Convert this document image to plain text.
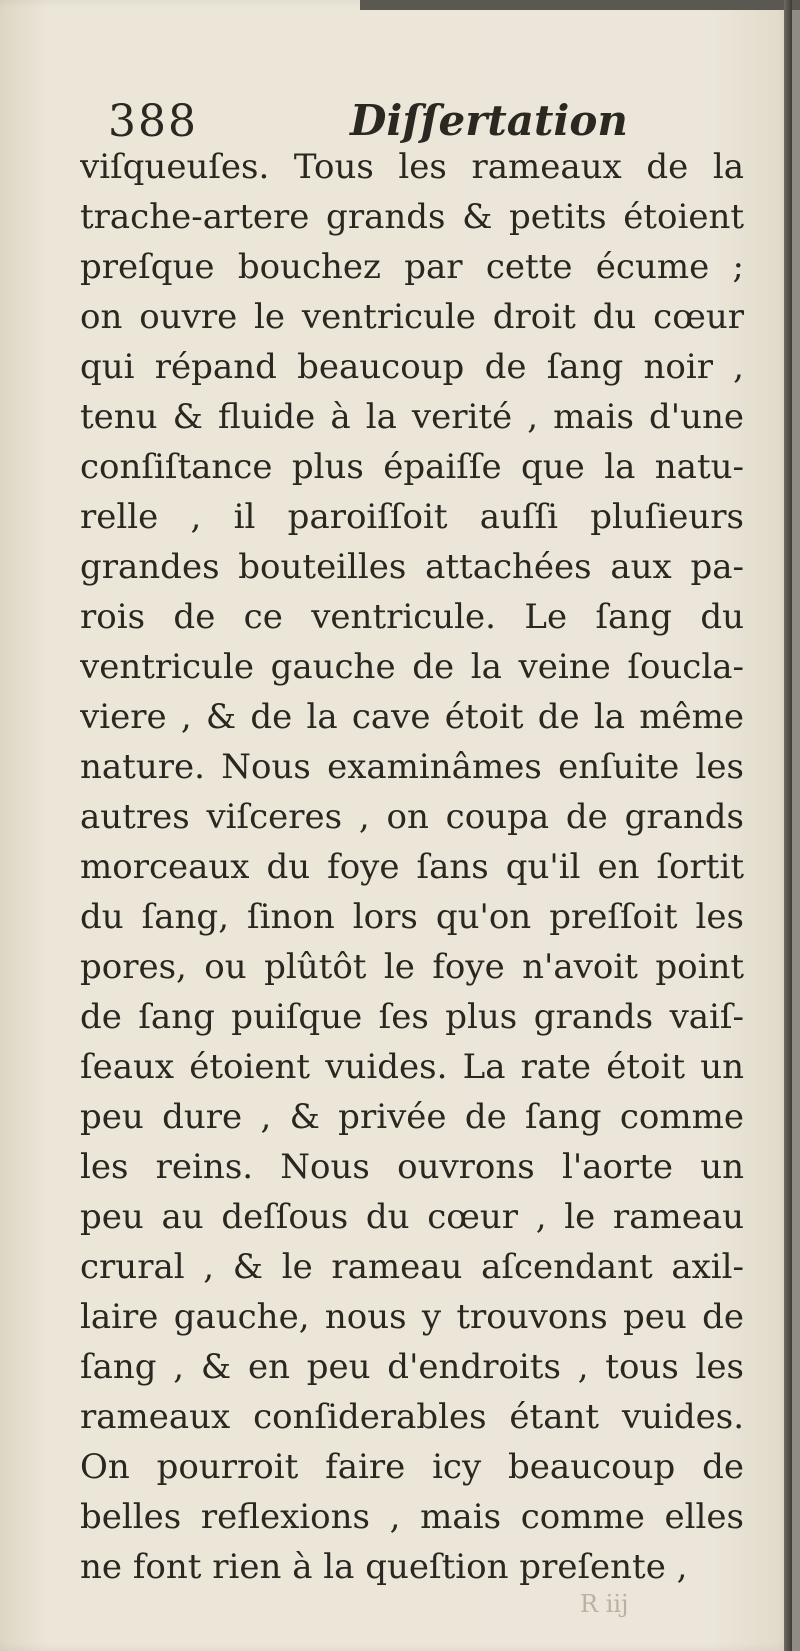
388	Diſſertation
viſqueuſes. Tous les rameaux de la
trache-artere grands & petits étoient
preſque bouchez par cette écume ;
on ouvre le ventricule droit du cœur
qui répand beaucoup de ſang noir ,
tenu & fluide à la verité , mais d'une
conſiſtance plus épaiſſe que la natu-
relle , il paroiſſoit auſſi pluſieurs
grandes bouteilles attachées aux pa-
rois de ce ventricule. Le ſang du
ventricule gauche de la veine ſoucla-
viere , & de la cave étoit de la même
nature. Nous examinâmes enſuite les
autres viſceres , on coupa de grands
morceaux du foye ſans qu'il en ſortit
du ſang, ſinon lors qu'on preſſoit les
pores, ou plûtôt le foye n'avoit point
de ſang puiſque ſes plus grands vaiſ-
ſeaux étoient vuides. La rate étoit un
peu dure , & privée de ſang comme
les reins. Nous ouvrons l'aorte un
peu au deſſous du cœur , le rameau
crural , & le rameau aſcendant axil-
laire gauche, nous y trouvons peu de
ſang , & en peu d'endroits , tous les
rameaux conſiderables étant vuides.
On pourroit faire icy beaucoup de
belles reflexions , mais comme elles
ne font rien à la queſtion preſente ,
R iij
